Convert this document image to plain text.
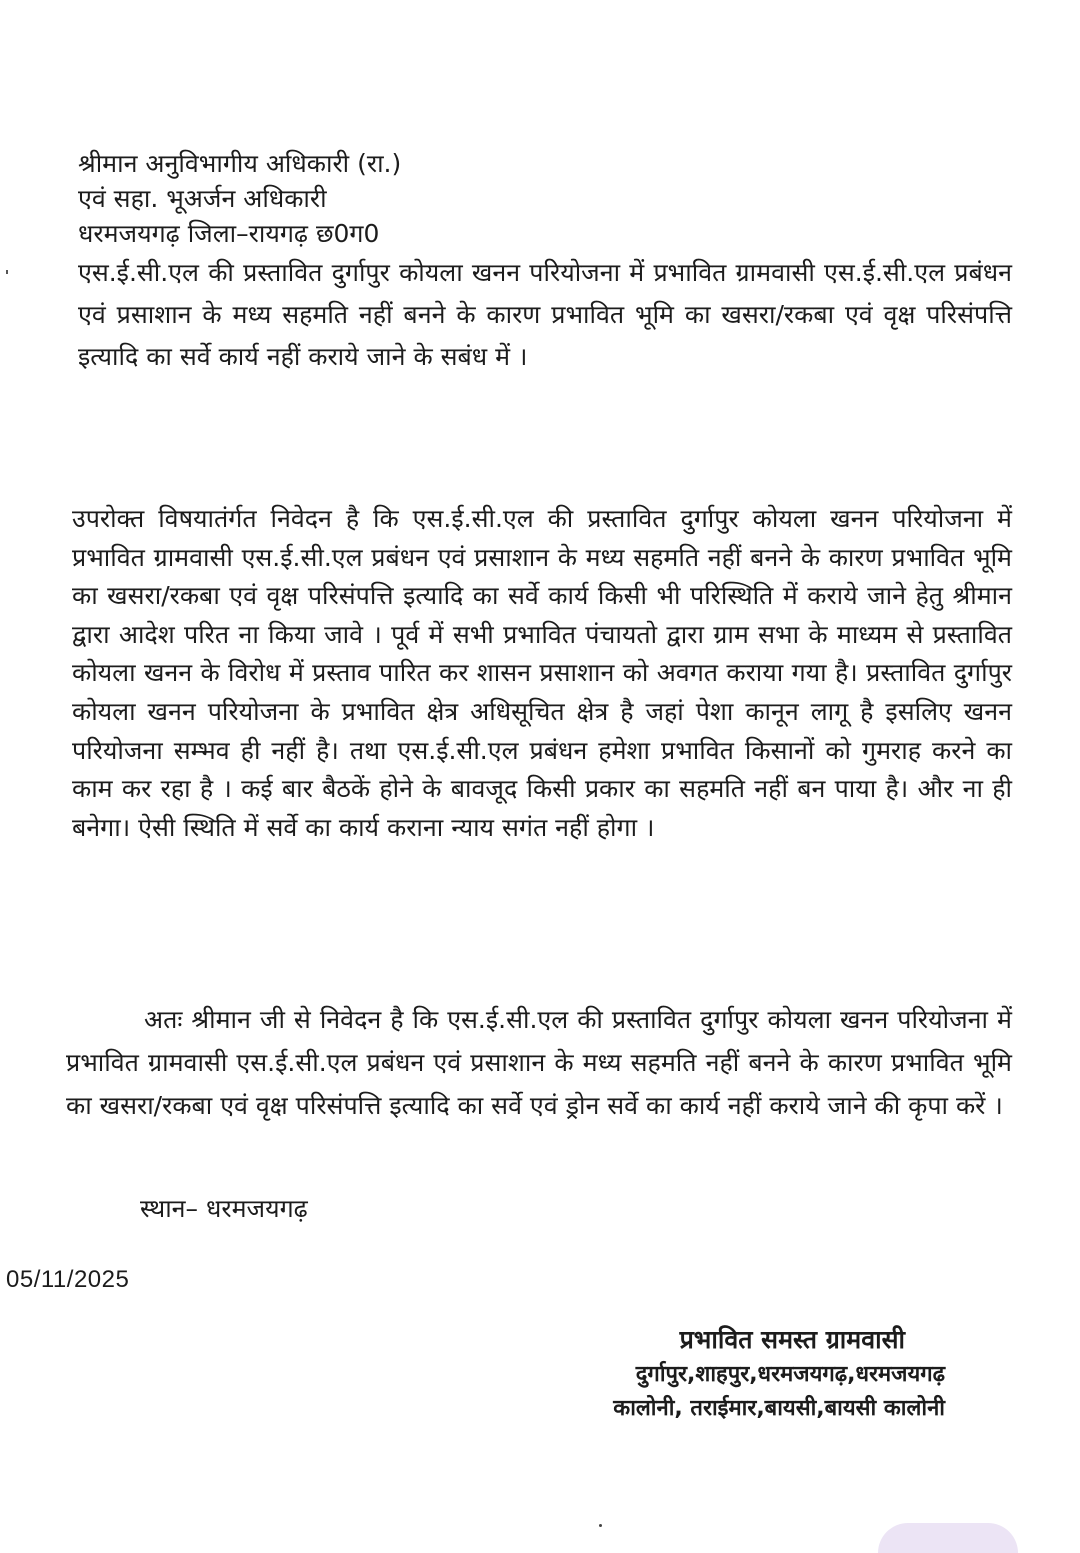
श्रीमान अनुविभागीय अधिकारी (रा.)
एवं सहा. भूअर्जन अधिकारी
धरमजयगढ़ जिला–रायगढ़ छ0ग0
एस.ई.सी.एल की प्रस्तावित दुर्गापुर कोयला खनन परियोजना में प्रभावित ग्रामवासी एस.ई.सी.एल प्रबंधन एवं प्रसाशान के मध्य सहमति नहीं बनने के कारण प्रभावित भूमि का खसरा/रकबा एवं वृक्ष परिसंपत्ति इत्यादि का सर्वे कार्य नहीं कराये जाने के सबंध में ।
उपरोक्त विषयातंर्गत निवेदन है कि एस.ई.सी.एल की प्रस्तावित दुर्गापुर कोयला खनन परियोजना में प्रभावित ग्रामवासी एस.ई.सी.एल प्रबंधन एवं प्रसाशान के मध्य सहमति नहीं बनने के कारण प्रभावित भूमि का खसरा/रकबा एवं वृक्ष परिसंपत्ति इत्यादि का सर्वे कार्य किसी भी परिस्थिति में कराये जाने हेतु श्रीमान द्वारा आदेश परित ना किया जावे । पूर्व में सभी प्रभावित पंचायतो द्वारा ग्राम सभा के माध्यम से प्रस्तावित कोयला खनन के विरोध में प्रस्ताव पारित कर शासन प्रसाशान को अवगत कराया गया है। प्रस्तावित दुर्गापुर कोयला खनन परियोजना के प्रभावित क्षेत्र अधिसूचित क्षेत्र है जहां पेशा कानून लागू है इसलिए खनन परियोजना सम्भव ही नहीं है। तथा एस.ई.सी.एल प्रबंधन हमेशा प्रभावित किसानों को गुमराह करने का काम कर रहा है । कई बार बैठकें होने के बावजूद किसी प्रकार का सहमति नहीं बन पाया है। और ना ही बनेगा। ऐसी स्थिति में सर्वे का कार्य कराना न्याय सगंत नहीं होगा ।
अतः श्रीमान जी से निवेदन है कि एस.ई.सी.एल की प्रस्तावित दुर्गापुर कोयला खनन परियोजना में प्रभावित ग्रामवासी एस.ई.सी.एल प्रबंधन एवं प्रसाशान के मध्य सहमति नहीं बनने के कारण प्रभावित भूमि का खसरा/रकबा एवं वृक्ष परिसंपत्ति इत्यादि का सर्वे एवं ड्रोन सर्वे का कार्य नहीं कराये जाने की कृपा करें ।
स्थान– धरमजयगढ़
05/11/2025
प्रभावित समस्त ग्रामवासी
दुर्गापुर,शाहपुर,धरमजयगढ़,धरमजयगढ़
कालोनी, तराईमार,बायसी,बायसी कालोनी
